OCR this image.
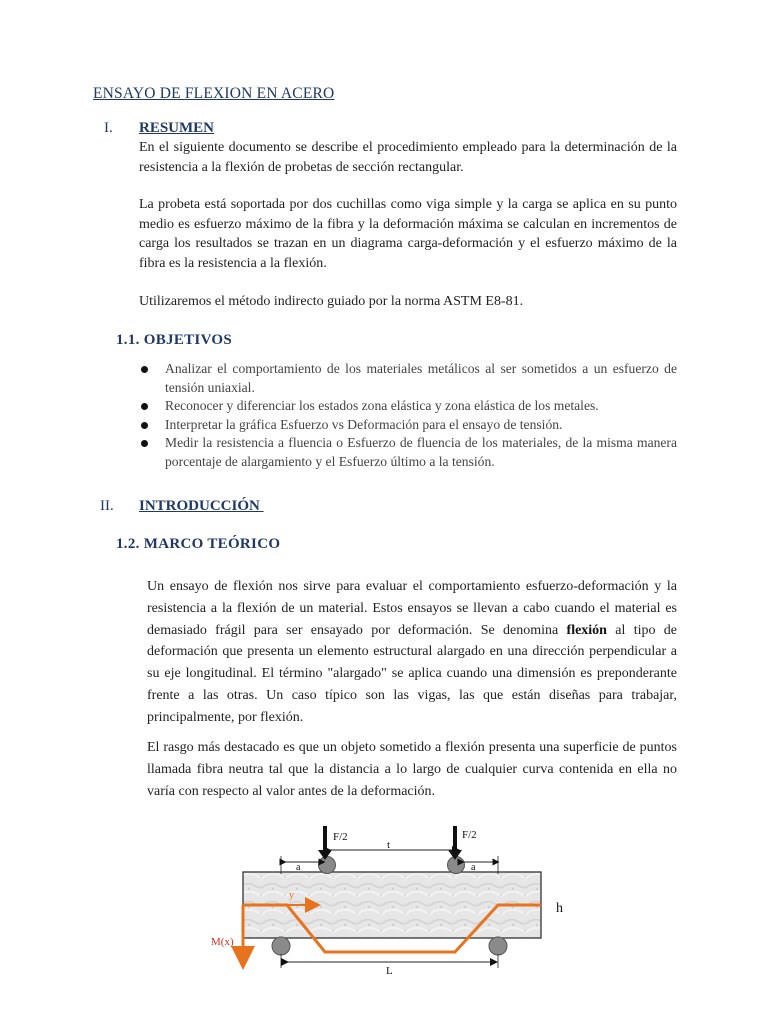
ENSAYO DE FLEXION EN ACERO
I. RESUMEN
En el siguiente documento se describe el procedimiento empleado para la determinación de la resistencia a la flexión de probetas de sección rectangular.
La probeta está soportada por dos cuchillas como viga simple y la carga se aplica en su punto medio es esfuerzo máximo de la fibra y la deformación máxima se calculan en incrementos de carga los resultados se trazan en un diagrama carga-deformación y el esfuerzo máximo de la fibra es la resistencia a la flexión.
Utilizaremos el método indirecto guiado por la norma ASTM E8-81.
1.1. OBJETIVOS
Analizar el comportamiento de los materiales metálicos al ser sometidos a un esfuerzo de tensión uniaxial.
Reconocer y diferenciar los estados zona elástica y zona elástica de los metales.
Interpretar la gráfica Esfuerzo vs Deformación para el ensayo de tensión.
Medir la resistencia a fluencia o Esfuerzo de fluencia de los materiales, de la misma manera porcentaje de alargamiento y el Esfuerzo último a la tensión.
II. INTRODUCCIÓN
1.2. MARCO TEÓRICO
Un ensayo de flexión nos sirve para evaluar el comportamiento esfuerzo-deformación y la resistencia a la flexión de un material. Estos ensayos se llevan a cabo cuando el material es demasiado frágil para ser ensayado por deformación. Se denomina flexión al tipo de deformación que presenta un elemento estructural alargado en una dirección perpendicular a su eje longitudinal. El término "alargado" se aplica cuando una dimensión es preponderante frente a las otras. Un caso típico son las vigas, las que están diseñas para trabajar, principalmente, por flexión.
El rasgo más destacado es que un objeto sometido a flexión presenta una superficie de puntos llamada fibra neutra tal que la distancia a lo largo de cualquier curva contenida en ella no varía con respecto al valor antes de la deformación.
F/2	F/2
t
a	a
h
y
M(x)
L
